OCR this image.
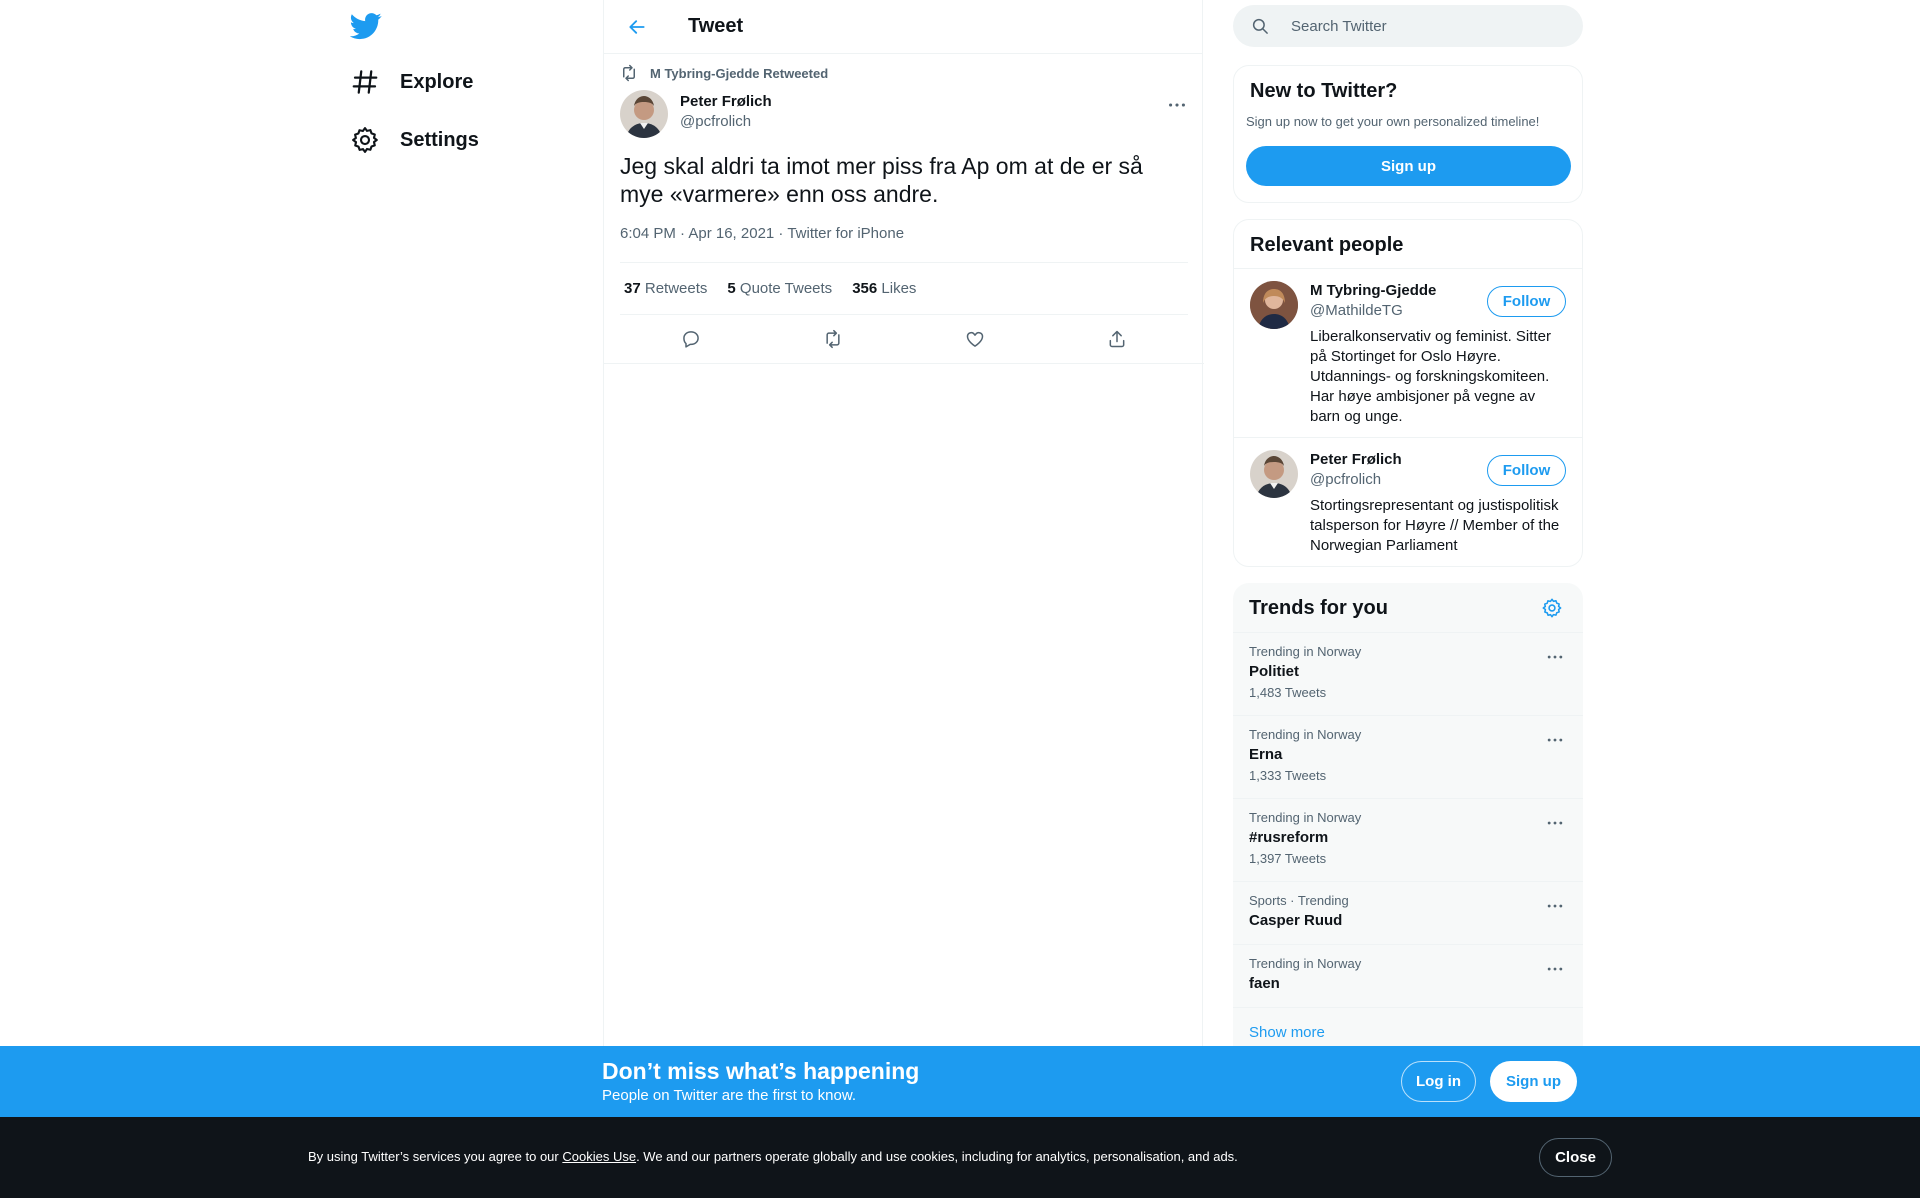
Explore
Settings
Tweet
M Tybring-Gjedde Retweeted
Peter Frølich
@pcfrolich
Jeg skal aldri ta imot mer piss fra Ap om at de er så mye «varmere» enn oss andre.
6:04 PM · Apr 16, 2021 · Twitter for iPhone
37 Retweets 5 Quote Tweets 356 Likes
Search Twitter
New to Twitter?
Sign up now to get your own personalized timeline!
Sign up
Relevant people
M Tybring-Gjedde
@MathildeTG
Liberalkonservativ og feminist. Sitter på Stortinget for Oslo Høyre. Utdannings- og forskningskomiteen. Har høye ambisjoner på vegne av barn og unge.
Follow
Peter Frølich
@pcfrolich
Stortingsrepresentant og justispolitisk talsperson for Høyre // Member of the Norwegian Parliament
Follow
Trends for you
Trending in Norway
Politiet
1,483 Tweets
Trending in Norway
Erna
1,333 Tweets
Trending in Norway
#rusreform
1,397 Tweets
Sports · Trending
Casper Ruud
Trending in Norway
faen
Show more
Don’t miss what’s happening
People on Twitter are the first to know.
Log in	Sign up
By using Twitter’s services you agree to our Cookies Use. We and our partners operate globally and use cookies, including for analytics, personalisation, and ads.	Close
